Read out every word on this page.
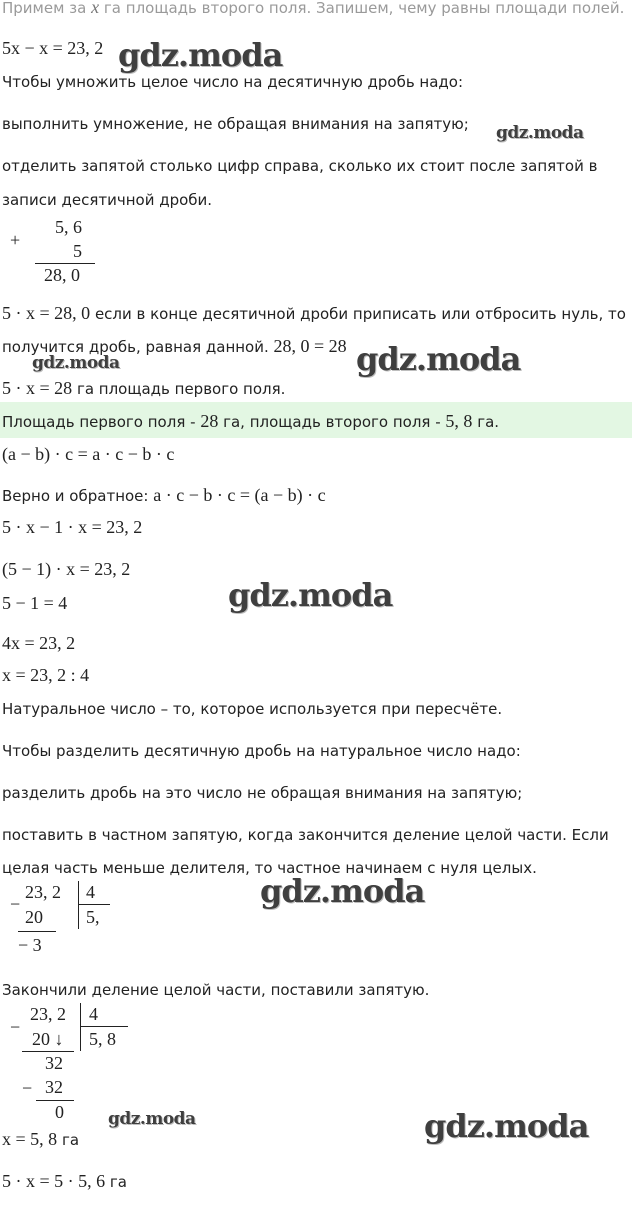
Примем за x га площадь второго поля. Запишем, чему равны площади полей.
5x − x = 23, 2
Чтобы умножить целое число на десятичную дробь надо:
выполнить умножение, не обращая внимания на запятую;
отделить запятой столько цифр справа, сколько их стоит после запятой в
записи десятичной дроби.
+
5, 6
5
28, 0
5 · x = 28, 0 если в конце десятичной дроби приписать или отбросить нуль, то
получится дробь, равная данной. 28, 0 = 28
5 · x = 28 га площадь первого поля.
Площадь первого поля - 28 га, площадь второго поля - 5, 8 га.
(a − b) · c = a · c − b · c
Верно и обратное: a · c − b · c = (a − b) · c
5 · x − 1 · x = 23, 2
(5 − 1) · x = 23, 2
5 − 1 = 4
4x = 23, 2
x = 23, 2 : 4
Натуральное число – то, которое используется при пересчёте.
Чтобы разделить десятичную дробь на натуральное число надо:
разделить дробь на это число не обращая внимания на запятую;
поставить в частном запятую, когда закончится деление целой части. Если
целая часть меньше делителя, то частное начинаем с нуля целых.
−
23, 2 4
20 5,
− 3
Закончили деление целой части, поставили запятую.
−
23, 2 4
20 ↓ 5, 8
32
− 32
0
x = 5, 8 га
5 · x = 5 · 5, 6 га
gdz.moda
gdz.moda
gdz.moda	gdz.moda
gdz.moda
gdz.moda
gdz.moda	gdz.moda
